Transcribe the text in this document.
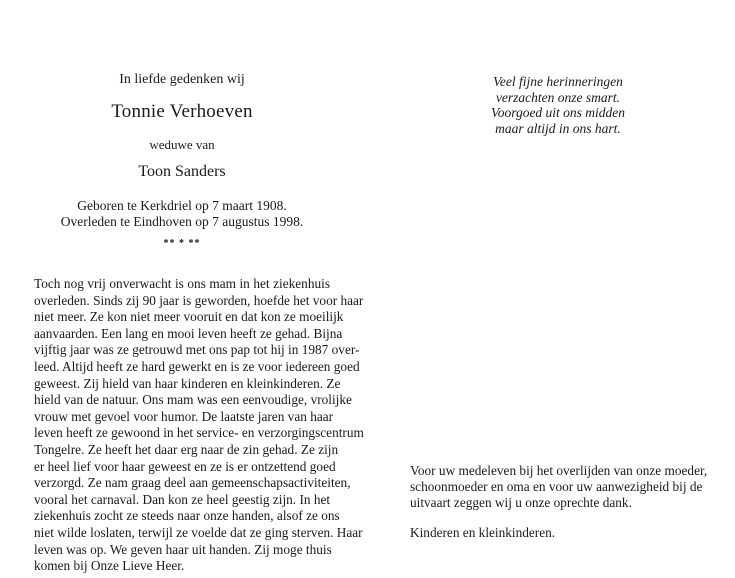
In liefde gedenken wij
Tonnie Verhoeven
weduwe van
Toon Sanders
Geboren te Kerkdriel op 7 maart 1908.
Overleden te Eindhoven op 7 augustus 1998.
** * **
Toch nog vrij onverwacht is ons mam in het ziekenhuis
overleden. Sinds zij 90 jaar is geworden, hoefde het voor haar
niet meer. Ze kon niet meer vooruit en dat kon ze moeilijk
aanvaarden. Een lang en mooi leven heeft ze gehad. Bijna
vijftig jaar was ze getrouwd met ons pap tot hij in 1987 over-
leed. Altijd heeft ze hard gewerkt en is ze voor iedereen goed
geweest. Zij hield van haar kinderen en kleinkinderen. Ze
hield van de natuur. Ons mam was een eenvoudige, vrolijke
vrouw met gevoel voor humor. De laatste jaren van haar
leven heeft ze gewoond in het service- en verzorgingscentrum
Tongelre. Ze heeft het daar erg naar de zin gehad. Ze zijn
er heel lief voor haar geweest en ze is er ontzettend goed
verzorgd. Ze nam graag deel aan gemeenschapsactiviteiten,
vooral het carnaval. Dan kon ze heel geestig zijn. In het
ziekenhuis zocht ze steeds naar onze handen, alsof ze ons
niet wilde loslaten, terwijl ze voelde dat ze ging sterven. Haar
leven was op. We geven haar uit handen. Zij moge thuis
komen bij Onze Lieve Heer.
Veel fijne herinneringen
verzachten onze smart.
Voorgoed uit ons midden
maar altijd in ons hart.
Voor uw medeleven bij het overlijden van onze moeder,
schoonmoeder en oma en voor uw aanwezigheid bij de
uitvaart zeggen wij u onze oprechte dank.
Kinderen en kleinkinderen.
